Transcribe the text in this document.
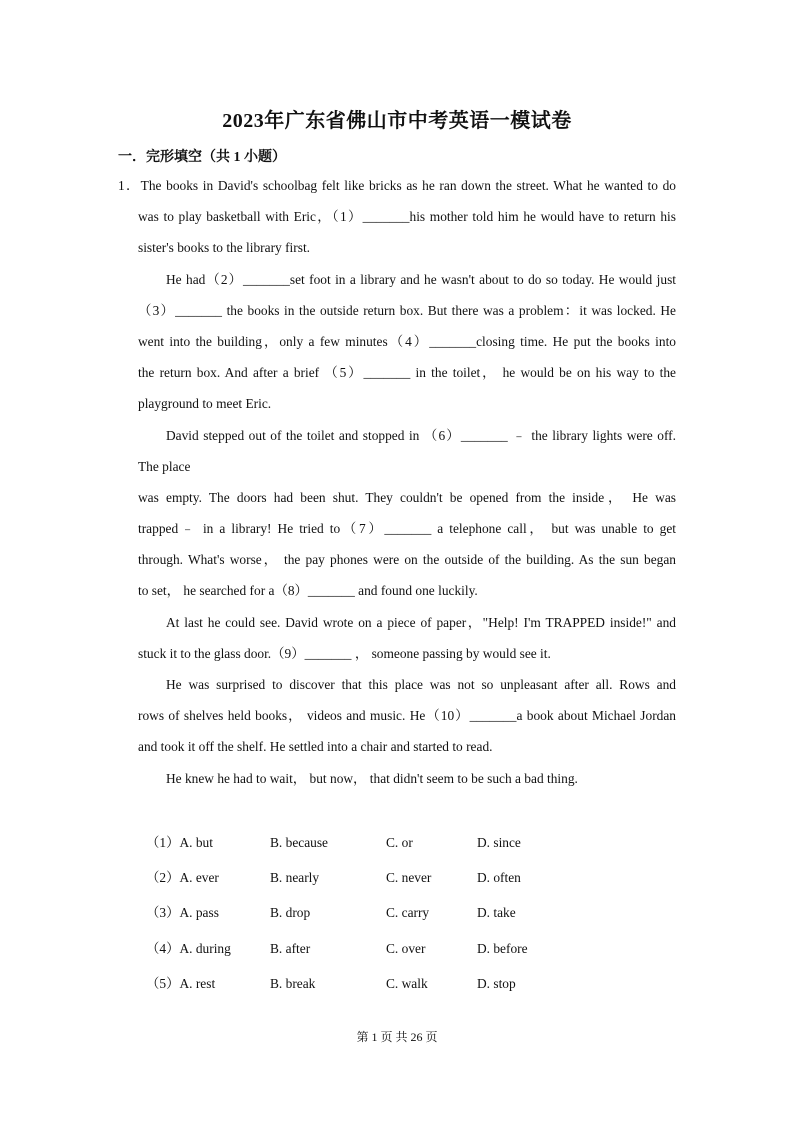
2023年广东省佛山市中考英语一模试卷
一．完形填空（共 1 小题）
1．The books in David's schoolbag felt like bricks as he ran down the street. What he wanted to do
was to play basketball with Eric，（1）_______his mother told him he would have to return his
sister's books to the library first.
He had（2）_______set foot in a library and he wasn't about to do so today. He would just
（3）_______ the books in the outside return box. But there was a problem：it was locked. He
went into the building，only a few minutes（4）_______closing time. He put the books into
the return box. And after a brief （5）_______ in the toilet， he would be on his way to the
playground to meet Eric.
David stepped out of the toilet and stopped in （6）_______ ﹣ the library lights were off.
The place
was empty. The doors had been shut. They couldn't be opened from the inside， He was
trapped﹣ in a library! He tried to（7）_______ a telephone call， but was unable to get
through. What's worse， the pay phones were on the outside of the building. As the sun began
to set， he searched for a（8）_______ and found one luckily.
At last he could see. David wrote on a piece of paper，"Help! I'm TRAPPED inside!" and
stuck it to the glass door.（9）_______ ， someone passing by would see it.
He was surprised to discover that this place was not so unpleasant after all. Rows and
rows of shelves held books， videos and music. He（10）_______a book about Michael Jordan
and took it off the shelf. He settled into a chair and started to read.
He knew he had to wait， but now， that didn't seem to be such a bad thing.
（1）A. but	B. because	C. or	D. since
（2）A. ever	B. nearly	C. never	D. often
（3）A. pass	B. drop	C. carry	D. take
（4）A. during	B. after	C. over	D. before
（5）A. rest	B. break	C. walk	D. stop
第 1 页 共 26 页
